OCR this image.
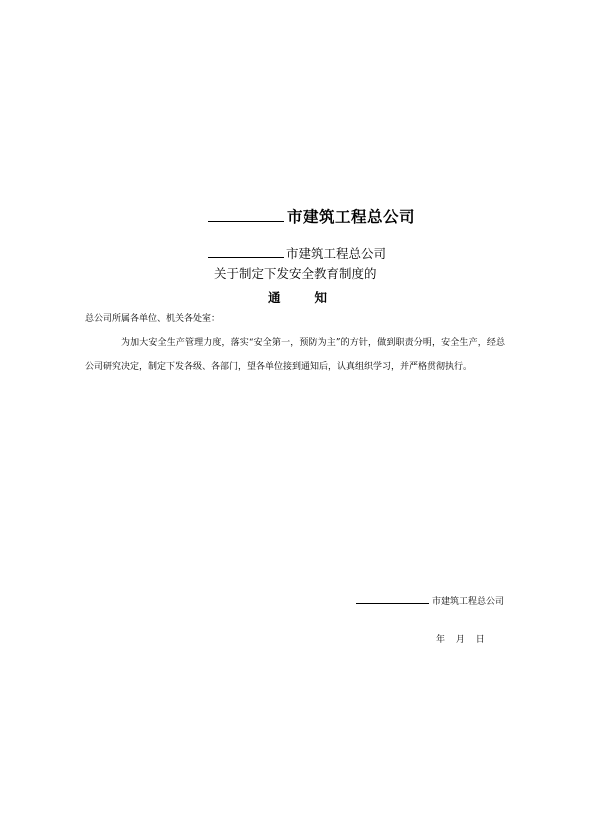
市建筑工程总公司
市建筑工程总公司
关于制定下发安全教育制度的
通	知
总公司所属各单位、机关各处室：
为加大安全生产管理力度，落实“安全第一，预防为主”的方针，做到职责分明，安全生产，经总公司研究决定，制定下发各级、各部门，望各单位接到通知后，认真组织学习，并严格贯彻执行。
市建筑工程总公司
年 月 日
